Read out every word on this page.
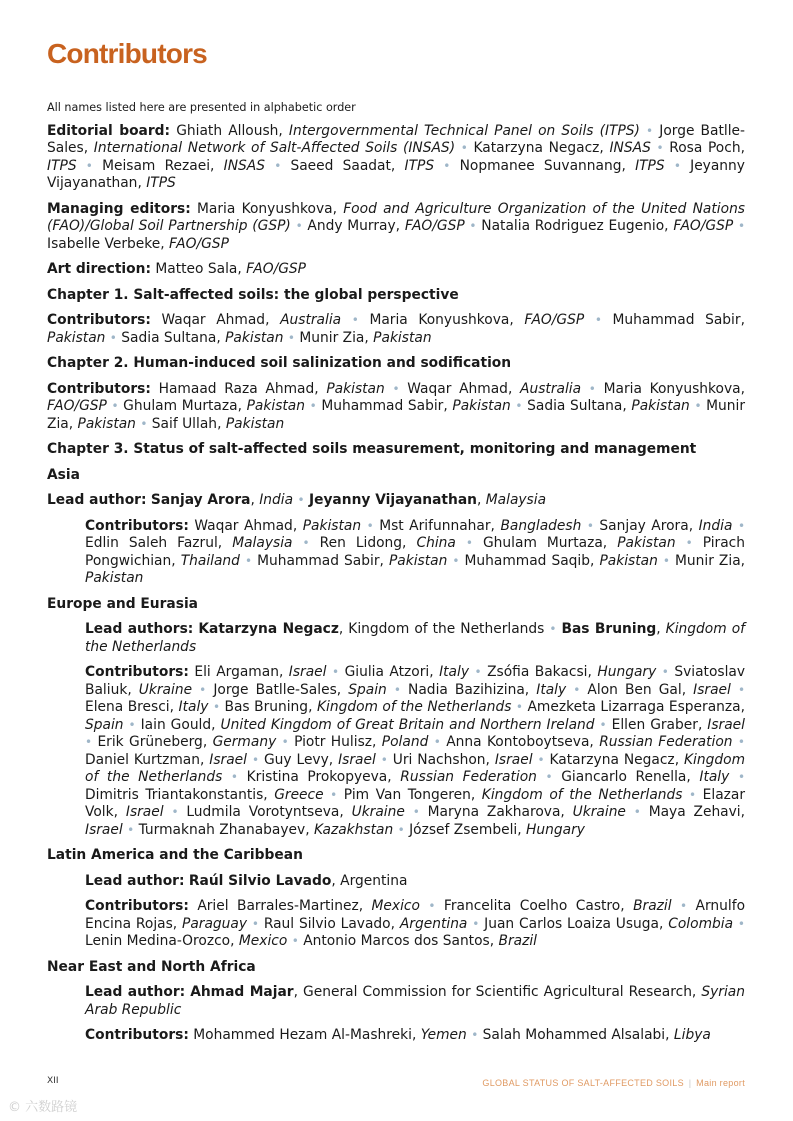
Contributors

All names listed here are presented in alphabetic order

Editorial board: Ghiath Alloush, Intergovernmental Technical Panel on Soils (ITPS) • Jorge Batlle-Sales, International Network of Salt-Affected Soils (INSAS) • Katarzyna Negacz, INSAS • Rosa Poch, ITPS • Meisam Rezaei, INSAS • Saeed Saadat, ITPS • Nopmanee Suvannang, ITPS • Jeyanny Vijayanathan, ITPS

Managing editors: Maria Konyushkova, Food and Agriculture Organization of the United Nations (FAO)/Global Soil Partnership (GSP) • Andy Murray, FAO/GSP • Natalia Rodriguez Eugenio, FAO/GSP • Isabelle Verbeke, FAO/GSP

Art direction: Matteo Sala, FAO/GSP

Chapter 1. Salt-affected soils: the global perspective

Contributors: Waqar Ahmad, Australia • Maria Konyushkova, FAO/GSP • Muhammad Sabir, Pakistan • Sadia Sultana, Pakistan • Munir Zia, Pakistan

Chapter 2. Human-induced soil salinization and sodification

Contributors: Hamaad Raza Ahmad, Pakistan • Waqar Ahmad, Australia • Maria Konyushkova, FAO/GSP • Ghulam Murtaza, Pakistan • Muhammad Sabir, Pakistan • Sadia Sultana, Pakistan • Munir Zia, Pakistan • Saif Ullah, Pakistan

Chapter 3. Status of salt-affected soils measurement, monitoring and management

Asia

Lead author: Sanjay Arora, India • Jeyanny Vijayanathan, Malaysia

Contributors: Waqar Ahmad, Pakistan • Mst Arifunnahar, Bangladesh • Sanjay Arora, India • Edlin Saleh Fazrul, Malaysia • Ren Lidong, China • Ghulam Murtaza, Pakistan • Pirach Pongwichian, Thailand • Muhammad Sabir, Pakistan • Muhammad Saqib, Pakistan • Munir Zia, Pakistan

Europe and Eurasia

Lead authors: Katarzyna Negacz, Kingdom of the Netherlands • Bas Bruning, Kingdom of the Netherlands

Contributors: Eli Argaman, Israel • Giulia Atzori, Italy • Zsófia Bakacsi, Hungary • Sviatoslav Baliuk, Ukraine • Jorge Batlle-Sales, Spain • Nadia Bazihizina, Italy • Alon Ben Gal, Israel • Elena Bresci, Italy • Bas Bruning, Kingdom of the Netherlands • Amezketa Lizarraga Esperanza, Spain • Iain Gould, United Kingdom of Great Britain and Northern Ireland • Ellen Graber, Israel • Erik Grüneberg, Germany • Piotr Hulisz, Poland • Anna Kontoboytseva, Russian Federation • Daniel Kurtzman, Israel • Guy Levy, Israel • Uri Nachshon, Israel • Katarzyna Negacz, Kingdom of the Netherlands • Kristina Prokopyeva, Russian Federation • Giancarlo Renella, Italy • Dimitris Triantakonstantis, Greece • Pim Van Tongeren, Kingdom of the Netherlands • Elazar Volk, Israel • Ludmila Vorotyntseva, Ukraine • Maryna Zakharova, Ukraine • Maya Zehavi, Israel • Turmaknah Zhanabayev, Kazakhstan • József Zsembeli, Hungary

Latin America and the Caribbean

Lead author: Raúl Silvio Lavado, Argentina

Contributors: Ariel Barrales-Martinez, Mexico • Francelita Coelho Castro, Brazil • Arnulfo Encina Rojas, Paraguay • Raul Silvio Lavado, Argentina • Juan Carlos Loaiza Usuga, Colombia • Lenin Medina-Orozco, Mexico • Antonio Marcos dos Santos, Brazil

Near East and North Africa

Lead author: Ahmad Majar, General Commission for Scientific Agricultural Research, Syrian Arab Republic

Contributors: Mohammed Hezam Al-Mashreki, Yemen • Salah Mohammed Alsalabi, Libya

XII	GLOBAL STATUS OF SALT-AFFECTED SOILS | Main report
© 六数路镜
